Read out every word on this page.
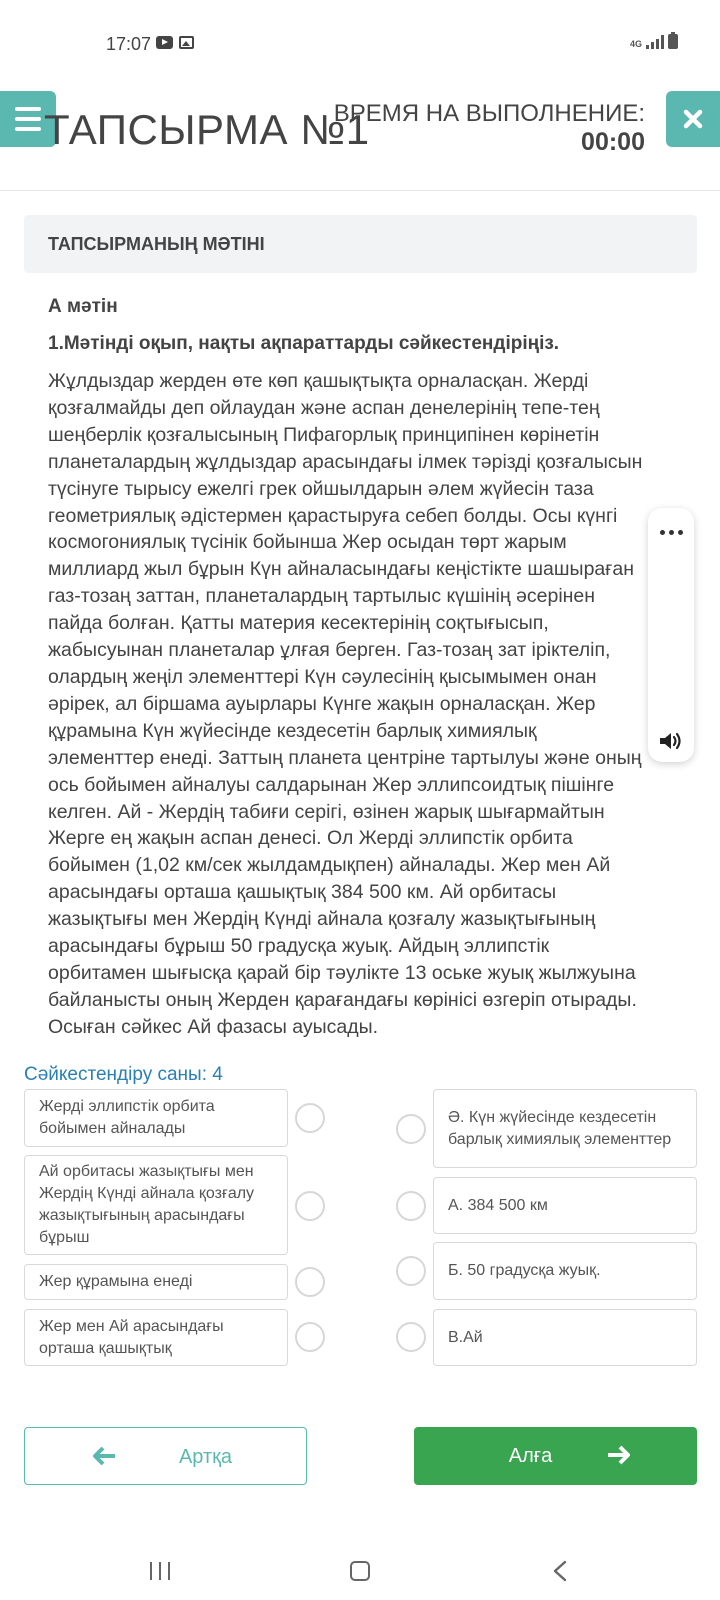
17:07	4G
ТАПСЫРМА №1
ВРЕМЯ НА ВЫПОЛНЕНИЕ:
00:00
ТАПСЫРМАНЫҢ МӘТІНІ
А мәтін
1.Мәтінді оқып, нақты ақпараттарды сәйкестендіріңіз.
Жұлдыздар жерден өте көп қашықтықта орналасқан. Жерді
қозғалмайды деп ойлаудан және аспан денелерінің тепе-тең
шеңберлік қозғалысының Пифагорлық принципінен көрінетін
планеталардың жұлдыздар арасындағы ілмек тәрізді қозғалысын
түсінуге тырысу ежелгі грек ойшылдарын әлем жүйесін таза
геометриялық әдістермен қарастыруға себеп болды. Осы күнгі
космогониялық түсінік бойынша Жер осыдан төрт жарым
миллиард жыл бұрын Күн айналасындағы кеңістікте шашыраған
газ-тозаң заттан, планеталардың тартылыс күшінің әсерінен
пайда болған. Қатты материя кесектерінің соқтығысып,
жабысуынан планеталар ұлғая берген. Газ-тозаң зат іріктеліп,
олардың жеңіл элементтері Күн сәулесінің қысымымен онан
әрірек, ал біршама ауырлары Күнге жақын орналасқан. Жер
құрамына Күн жүйесінде кездесетін барлық химиялық
элементтер енеді. Заттың планета центріне тартылуы және оның
ось бойымен айналуы салдарынан Жер эллипсоидтық пішінге
келген. Ай - Жердің табиғи серігі, өзінен жарық шығармайтын
Жерге ең жақын аспан денесі. Ол Жерді эллипстік орбита
бойымен (1,02 км/сек жылдамдықпен) айналады. Жер мен Ай
арасындағы орташа қашықтық 384 500 км. Ай орбитасы
жазықтығы мен Жердің Күнді айнала қозғалу жазықтығының
арасындағы бұрыш 50 градусқа жуық. Айдың эллипстік
орбитамен шығысқа қарай бір тәулікте 13 оське жуық жылжуына
байланысты оның Жерден қарағандағы көрінісі өзгеріп отырады.
Осыған сәйкес Ай фазасы ауысады.
Сәйкестендіру саны: 4
Жерді эллипстік орбита бойымен айналады
Ай орбитасы жазықтығы мен Жердің Күнді айнала қозғалу жазықтығының арасындағы бұрыш
Жер құрамына енеді
Жер мен Ай арасындағы орташа қашықтық
Ә. Күн жүйесінде кездесетін барлық химиялық элементтер
А. 384 500 км
Б. 50 градусқа жуық.
В.Ай
Артқа	Алға
